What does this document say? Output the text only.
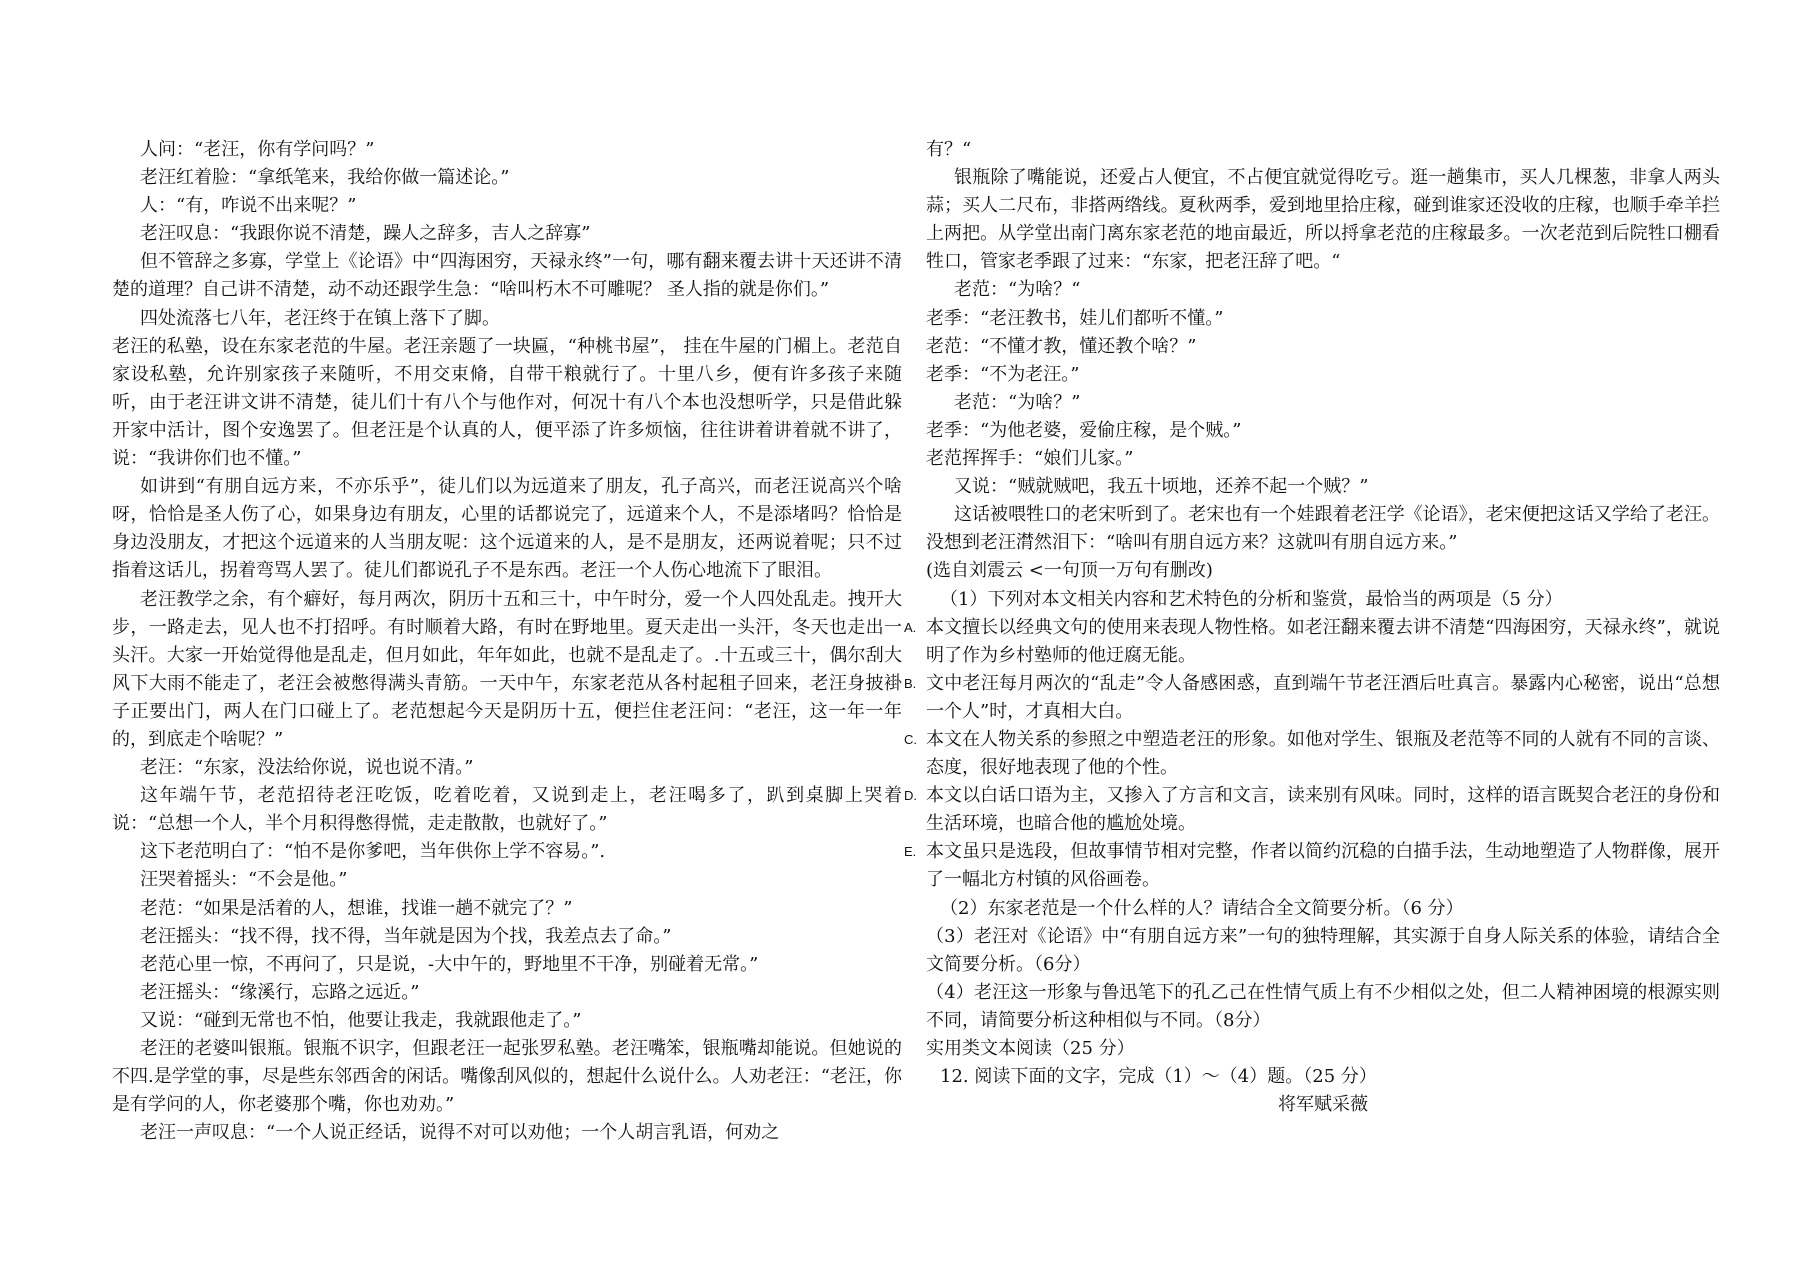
人问：“老汪，你有学问吗？”

老汪红着脸：“拿纸笔来，我给你做一篇述论。”

人：“有，咋说不出来呢？”

老汪叹息：“我跟你说不清楚，躁人之辞多，吉人之辞寡”

但不管辞之多寡，学堂上《论语》中“四海困穷，天禄永终”一句，哪有翻来覆去讲十天还讲不清楚的道理？自己讲不清楚，动不动还跟学生急：“啥叫朽木不可雕呢？ 圣人指的就是你们。”

四处流落七八年，老汪终于在镇上落下了脚。

老汪的私塾，设在东家老范的牛屋。老汪亲题了一块匾，“种桃书屋”， 挂在牛屋的门楣上。老范自家设私塾，允许别家孩子来随听，不用交束脩，自带干粮就行了。十里八乡，便有许多孩子来随听，由于老汪讲文讲不清楚，徒儿们十有八个与他作对，何况十有八个本也没想听学，只是借此躲开家中活计，图个安逸罢了。但老汪是个认真的人，便平添了许多烦恼，往往讲着讲着就不讲了，说：“我讲你们也不懂。”

如讲到“有朋自远方来，不亦乐乎”，徒儿们以为远道来了朋友，孔子高兴，而老汪说高兴个啥呀，恰恰是圣人伤了心，如果身边有朋友，心里的话都说完了，远道来个人，不是添堵吗？恰恰是身边没朋友，才把这个远道来的人当朋友呢：这个远道来的人，是不是朋友，还两说着呢；只不过指着这话儿，拐着弯骂人罢了。徒儿们都说孔子不是东西。老汪一个人伤心地流下了眼泪。

老汪教学之余，有个癖好，每月两次，阴历十五和三十，中午时分，爱一个人四处乱走。拽开大步，一路走去，见人也不打招呼。有时顺着大路，有时在野地里。夏天走出一头汗，冬天也走出一头汗。大家一开始觉得他是乱走，但月如此，年年如此，也就不是乱走了。.十五或三十，偶尔刮大风下大雨不能走了，老汪会被憋得满头青筋。一天中午，东家老范从各村起租子回来，老汪身披褂子正要出门，两人在门口碰上了。老范想起今天是阴历十五，便拦住老汪问：“老汪，这一年一年的，到底走个啥呢？”

老汪：“东家，没法给你说，说也说不清。”

这年端午节，老范招待老汪吃饭，吃着吃着，又说到走上，老汪喝多了，趴到桌脚上哭着说：“总想一个人，半个月积得憋得慌，走走散散，也就好了。”

这下老范明白了：“怕不是你爹吧，当年供你上学不容易。”.

汪哭着摇头：“不会是他。”

老范：“如果是活着的人，想谁，找谁一趟不就完了？”

老汪摇头：“找不得，找不得，当年就是因为个找，我差点去了命。”

老范心里一惊，不再问了，只是说，-大中午的，野地里不干净，别碰着无常。”

老汪摇头：“缘溪行，忘路之远近。”

又说：“碰到无常也不怕，他要让我走，我就跟他走了。”

老汪的老婆叫银瓶。银瓶不识字，但跟老汪一起张罗私塾。老汪嘴笨，银瓶嘴却能说。但她说的不四.是学堂的事，尽是些东邻西舍的闲话。嘴像刮风似的，想起什么说什么。人劝老汪：“老汪，你是有学问的人，你老婆那个嘴，你也劝劝。”

老汪一声叹息：“一个人说正经话，说得不对可以劝他；一个人胡言乳语，何劝之

有？“

银瓶除了嘴能说，还爱占人便宜，不占便宜就觉得吃亏。逛一趟集市，买人几棵葱，非拿人两头蒜；买人二尺布，非搭两绺线。夏秋两季，爱到地里拾庄稼，碰到谁家还没收的庄稼，也顺手牵羊拦上两把。从学堂出南门离东家老范的地亩最近，所以捋拿老范的庄稼最多。一次老范到后院牲口棚看牲口，管家老季跟了过来：“东家，把老汪辞了吧。“

老范：“为啥？“

老季：“老汪教书，娃儿们都听不懂。”

老范：“不懂才教，懂还教个啥？”

老季：“不为老汪。”

老范：“为啥？”

老季：“为他老婆，爱偷庄稼，是个贼。”

老范挥挥手：“娘们儿家。”

又说：“贼就贼吧，我五十顷地，还养不起一个贼？”

这话被喂牲口的老宋听到了。老宋也有一个娃跟着老汪学《论语》，老宋便把这话又学给了老汪。没想到老汪潸然泪下：“啥叫有朋自远方来？这就叫有朋自远方来。”

(选自刘震云 <一句顶一万句有删改)

（1）下列对本文相关内容和艺术特色的分析和鉴赏，最恰当的两项是（5 分）

A. 本文擅长以经典文句的使用来表现人物性格。如老汪翻来覆去讲不清楚“四海困穷，天禄永终”，就说明了作为乡村塾师的他迂腐无能。
B. 文中老汪每月两次的“乱走”令人备感困惑，直到端午节老汪酒后吐真言。暴露内心秘密，说出“总想一个人”时，才真相大白。
C. 本文在人物关系的参照之中塑造老汪的形象。如他对学生、银瓶及老范等不同的人就有不同的言谈、态度，很好地表现了他的个性。
D. 本文以白话口语为主，又掺入了方言和文言，读来别有风味。同时，这样的语言既契合老汪的身份和生活环境，也暗合他的尴尬处境。
E. 本文虽只是选段，但故事情节相对完整，作者以简约沉稳的白描手法，生动地塑造了人物群像，展开了一幅北方村镇的风俗画卷。

（2）东家老范是一个什么样的人？请结合全文简要分析。（6 分）

（3）老汪对《论语》中“有朋自远方来”一句的独特理解，其实源于自身人际关系的体验，请结合全文简要分析。（6分）

（4）老汪这一形象与鲁迅笔下的孔乙己在性情气质上有不少相似之处，但二人精神困境的根源实则不同，请简要分析这种相似与不同。（8分）

实用类文本阅读（25 分）

12. 阅读下面的文字，完成（1）～（4）题。（25 分）

将军赋采薇
